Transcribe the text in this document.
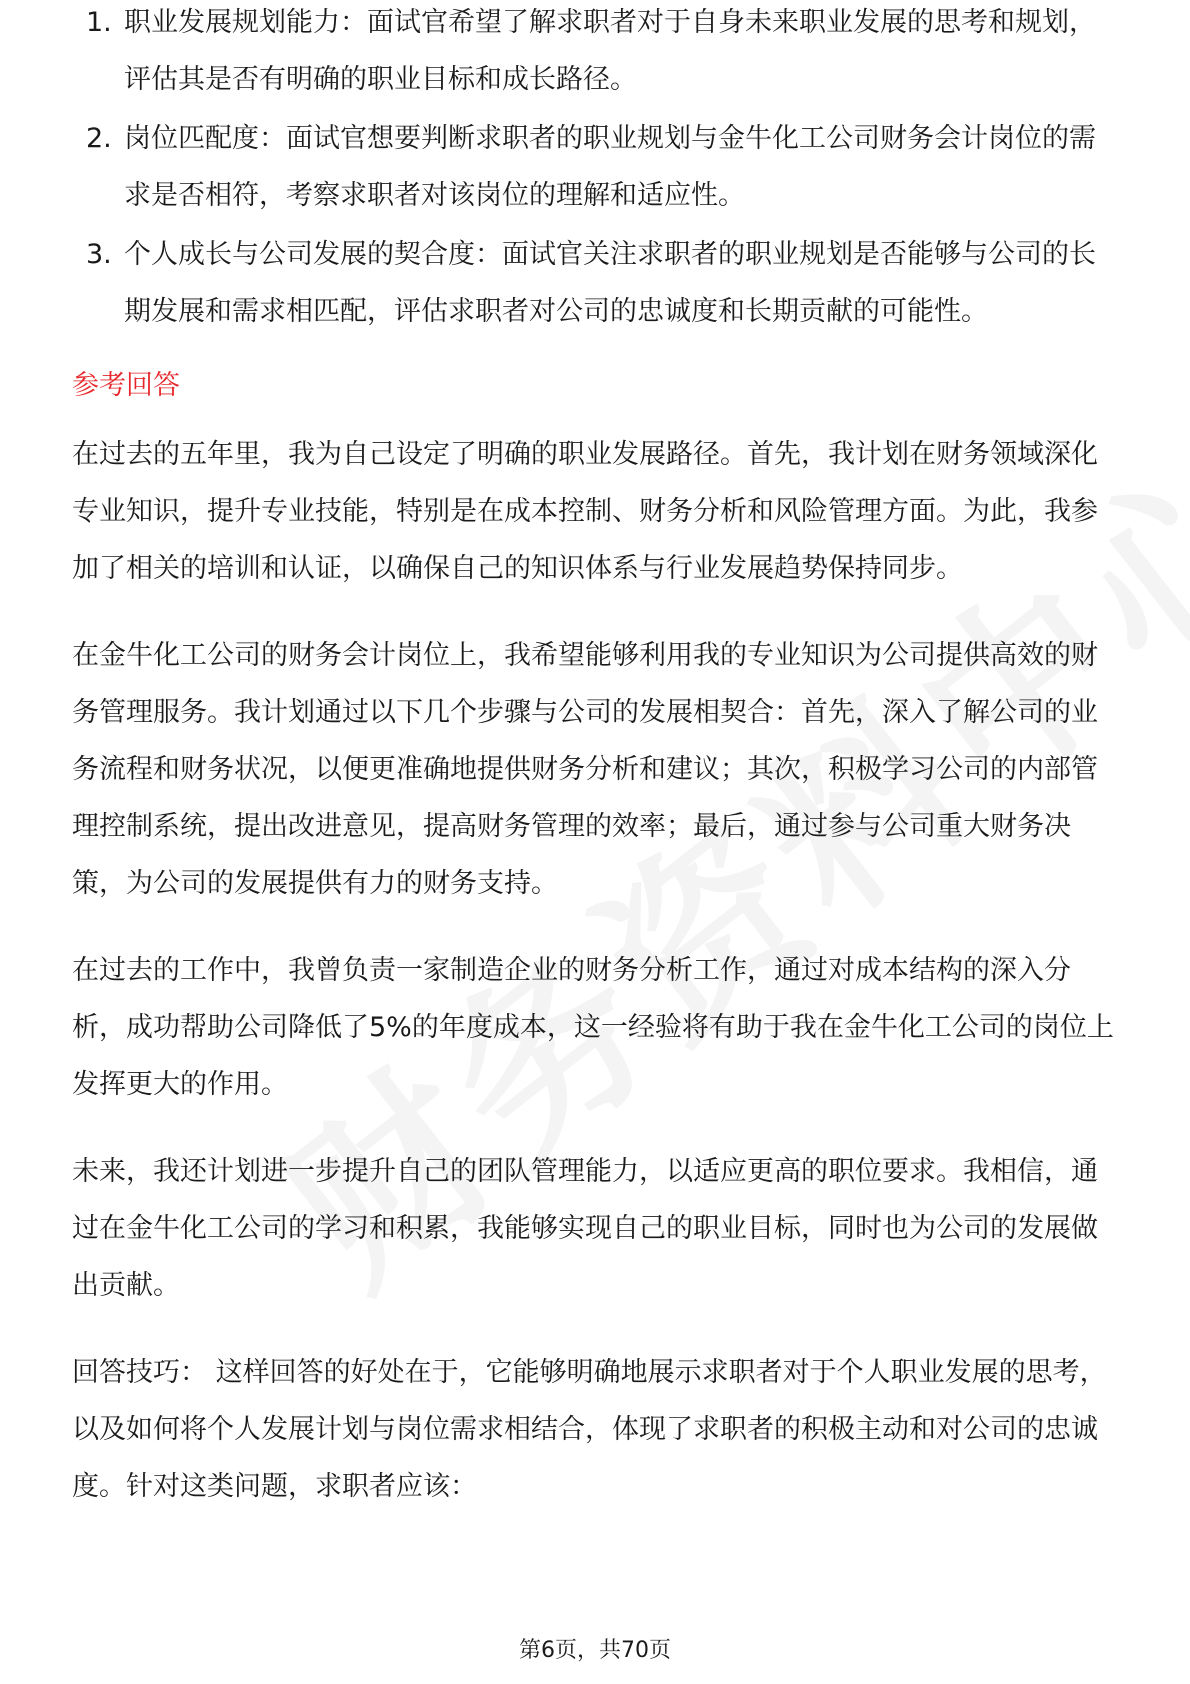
1. 职业发展规划能力：面试官希望了解求职者对于自身未来职业发展的思考和规划，评估其是否有明确的职业目标和成长路径。
2. 岗位匹配度：面试官想要判断求职者的职业规划与金牛化工公司财务会计岗位的需求是否相符，考察求职者对该岗位的理解和适应性。
3. 个人成长与公司发展的契合度：面试官关注求职者的职业规划是否能够与公司的长期发展和需求相匹配，评估求职者对公司的忠诚度和长期贡献的可能性。
参考回答

在过去的五年里，我为自己设定了明确的职业发展路径。首先，我计划在财务领域深化专业知识，提升专业技能，特别是在成本控制、财务分析和风险管理方面。为此，我参加了相关的培训和认证，以确保自己的知识体系与行业发展趋势保持同步。

在金牛化工公司的财务会计岗位上，我希望能够利用我的专业知识为公司提供高效的财务管理服务。我计划通过以下几个步骤与公司的发展相契合：首先，深入了解公司的业务流程和财务状况，以便更准确地提供财务分析和建议；其次，积极学习公司的内部管理控制系统，提出改进意见，提高财务管理的效率；最后，通过参与公司重大财务决策，为公司的发展提供有力的财务支持。

在过去的工作中，我曾负责一家制造企业的财务分析工作，通过对成本结构的深入分析，成功帮助公司降低了5%的年度成本，这一经验将有助于我在金牛化工公司的岗位上发挥更大的作用。

未来，我还计划进一步提升自己的团队管理能力，以适应更高的职位要求。我相信，通过在金牛化工公司的学习和积累，我能够实现自己的职业目标，同时也为公司的发展做出贡献。

回答技巧： 这样回答的好处在于，它能够明确地展示求职者对于个人职业发展的思考，以及如何将个人发展计划与岗位需求相结合，体现了求职者的积极主动和对公司的忠诚度。针对这类问题，求职者应该：

第6页，共70页
